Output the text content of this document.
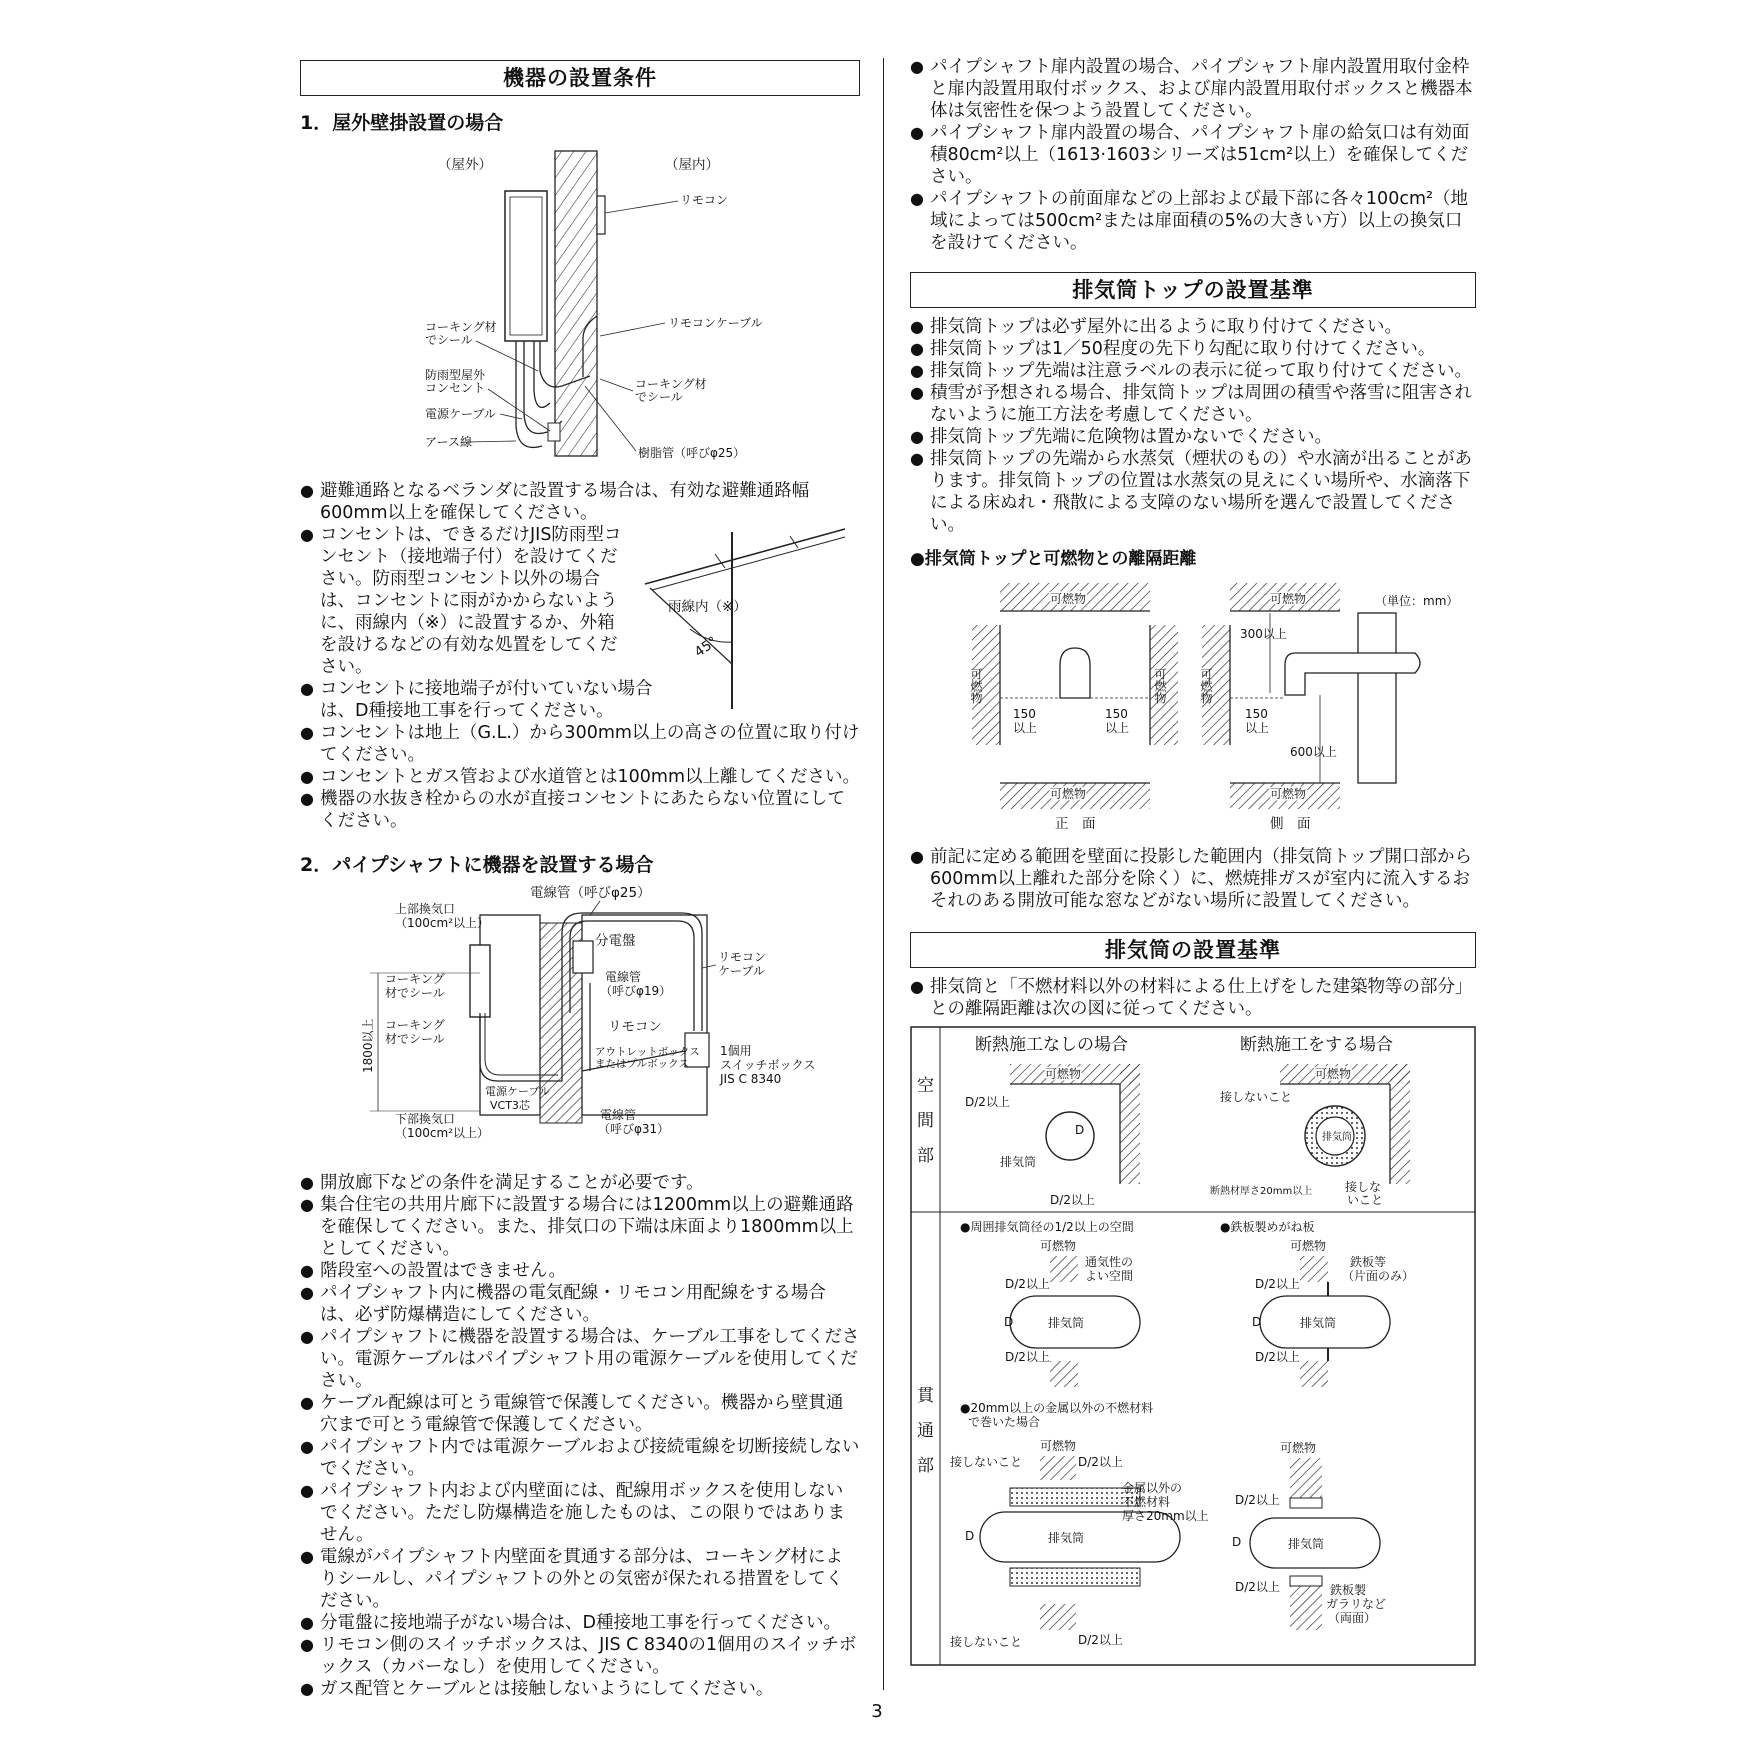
機器の設置条件
1．屋外壁掛設置の場合
（屋外）	（屋内）
リモコン
リモコンケーブル
コーキング材
でシール
防雨型屋外
コンセント
電源ケーブル
アース線
コーキング材
でシール
樹脂管（呼びφ25）
● 避難通路となるベランダに設置する場合は、有効な避難通路幅600mm以上を確保してください。
雨線内（※）
45°
● コンセントは、できるだけJIS防雨型コンセント（接地端子付）を設けてください。防雨型コンセント以外の場合は、コンセントに雨がかからないように、雨線内（※）に設置するか、外箱を設けるなどの有効な処置をしてください。
● コンセントに接地端子が付いていない場合は、D種接地工事を行ってください。
● コンセントは地上（G.L.）から300mm以上の高さの位置に取り付けてください。
● コンセントとガス管および水道管とは100mm以上離してください。
● 機器の水抜き栓からの水が直接コンセントにあたらない位置にしてください。
2．パイプシャフトに機器を設置する場合
電線管（呼びφ25）
上部換気口
（100cm²以上）
分電盤
リモコン
ケーブル
コーキング
材でシール
電線管
（呼びφ19）
コーキング
材でシール
リモコン
アウトレットボックス
またはプルボックス
1800以上	1個用
スイッチボックス
JIS C 8340
電源ケーブル
VCT3芯
下部換気口
（100cm²以上）
電線管
（呼びφ31）
● 開放廊下などの条件を満足することが必要です。
● 集合住宅の共用片廊下に設置する場合には1200mm以上の避難通路を確保してください。また、排気口の下端は床面より1800mm以上としてください。
● 階段室への設置はできません。
● パイプシャフト内に機器の電気配線・リモコン用配線をする場合は、必ず防爆構造にしてください。
● パイプシャフトに機器を設置する場合は、ケーブル工事をしてください。電源ケーブルはパイプシャフト用の電源ケーブルを使用してください。
● ケーブル配線は可とう電線管で保護してください。機器から壁貫通穴まで可とう電線管で保護してください。
● パイプシャフト内では電源ケーブルおよび接続電線を切断接続しないでください。
● パイプシャフト内および内壁面には、配線用ボックスを使用しないでください。ただし防爆構造を施したものは、この限りではありません。
● 電線がパイプシャフト内壁面を貫通する部分は、コーキング材によりシールし、パイプシャフトの外との気密が保たれる措置をしてください。
● 分電盤に接地端子がない場合は、D種接地工事を行ってください。
● リモコン側のスイッチボックスは、JIS C 8340の1個用のスイッチボックス（カバーなし）を使用してください。
● ガス配管とケーブルとは接触しないようにしてください。
● パイプシャフト扉内設置の場合、パイプシャフト扉内設置用取付金枠と扉内設置用取付ボックス、および扉内設置用取付ボックスと機器本体は気密性を保つよう設置してください。
● パイプシャフト扉内設置の場合、パイプシャフト扉の給気口は有効面積80cm²以上（1613·1603シリーズは51cm²以上）を確保してください。
● パイプシャフトの前面扉などの上部および最下部に各々100cm²（地域によっては500cm²または扉面積の5%の大きい方）以上の換気口を設けてください。
排気筒トップの設置基準
● 排気筒トップは必ず屋外に出るように取り付けてください。
● 排気筒トップは1／50程度の先下り勾配に取り付けてください。
● 排気筒トップ先端は注意ラベルの表示に従って取り付けてください。
● 積雪が予想される場合、排気筒トップは周囲の積雪や落雪に阻害されないように施工方法を考慮してください。
● 排気筒トップ先端に危険物は置かないでください。
● 排気筒トップの先端から水蒸気（煙状のもの）や水滴が出ることがあります。排気筒トップの位置は水蒸気の見えにくい場所や、水滴落下による床ぬれ・飛散による支障のない場所を選んで設置してください。
●排気筒トップと可燃物との離隔距離
可燃物
150
以上
150
以上
可燃物	可燃物
可燃物
正　面
（単位：mm）
可燃物
可燃物
300以上
150
以上
600以上
可燃物
側　面
● 前記に定める範囲を壁面に投影した範囲内（排気筒トップ開口部から600mm以上離れた部分を除く）に、燃焼排ガスが室内に流入するおそれのある開放可能な窓などがない場所に設置してください。
排気筒の設置基準
● 排気筒と「不燃材料以外の材料による仕上げをした建築物等の部分」との離隔距離は次の図に従ってください。
断熱施工なしの場合	断熱施工をする場合
空
間
部
貫
通
部
可燃物
D
D/2以上
排気筒
D/2以上
可燃物
排気筒
接しないこと
断熱材厚さ20mm以上	接しな
いこと
●周囲排気筒径の1/2以上の空間
可燃物
排気筒
D/2以上
D/2以上
D
通気性の
よい空間
●鉄板製めがね板
可燃物
排気筒
D/2以上
D/2以上
D
鉄板等
（片面のみ）
●20mm以上の金属以外の不燃材料
で巻いた場合
可燃物
排気筒
D
接しないこと	D/2以上
金属以外の
不燃材料
厚さ20mm以上
接しないこと	D/2以上
可燃物
排気筒
D
D/2以上
D/2以上	鉄板製
ガラリなど
（両面）
3
